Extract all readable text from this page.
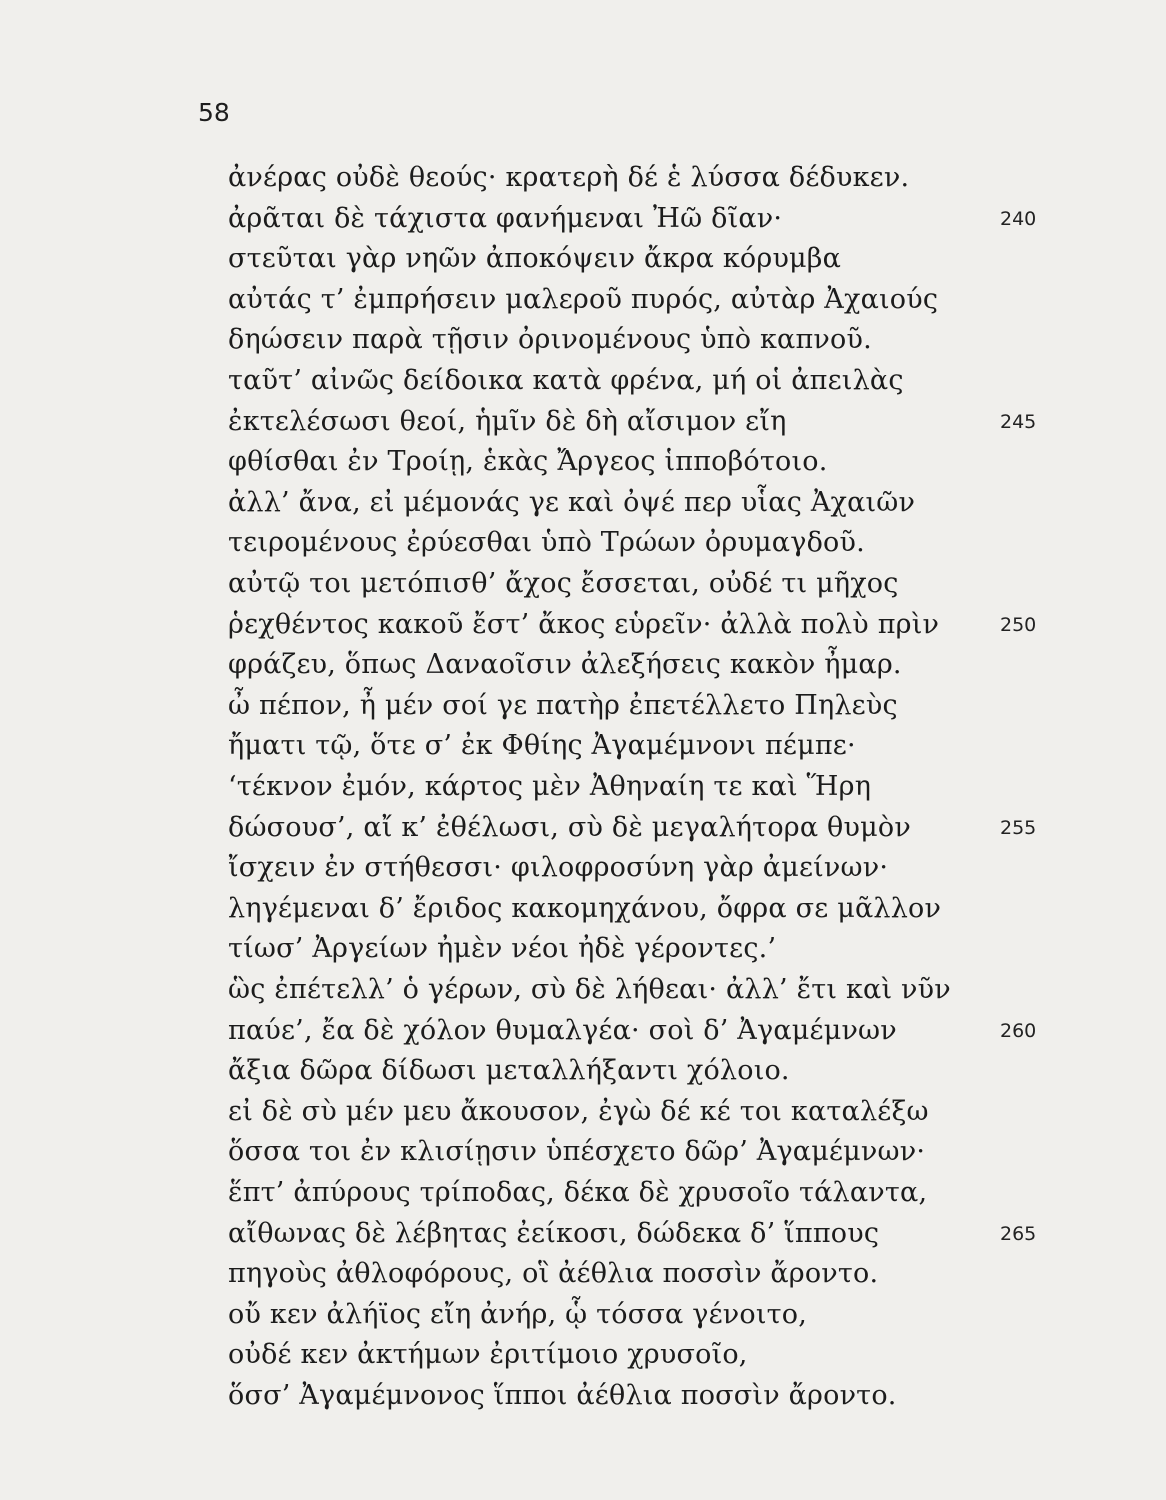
58
ἀνέρας οὐδὲ θεούς· κρατερὴ δέ ἑ λύσσα δέδυκεν.
ἀρᾶται δὲ τάχιστα φανήμεναι Ἠῶ δῖαν·	240
στεῦται γὰρ νηῶν ἀποκόψειν ἄκρα κόρυμβα
αὐτάς τ’ ἐμπρήσειν μαλεροῦ πυρός, αὐτὰρ Ἀχαιούς
δηώσειν παρὰ τῇσιν ὀρινομένους ὑπὸ καπνοῦ.
ταῦτ’ αἰνῶς δείδοικα κατὰ φρένα, μή οἱ ἀπειλὰς
ἐκτελέσωσι θεοί, ἡμῖν δὲ δὴ αἴσιμον εἴη	245
φθίσθαι ἐν Τροίῃ, ἑκὰς Ἄργεος ἱπποβότοιο.
ἀλλ’ ἄνα, εἰ μέμονάς γε καὶ ὀψέ περ υἷας Ἀχαιῶν
τειρομένους ἐρύεσθαι ὑπὸ Τρώων ὀρυμαγδοῦ.
αὐτῷ τοι μετόπισθ’ ἄχος ἔσσεται, οὐδέ τι μῆχος
ῥεχθέντος κακοῦ ἔστ’ ἄκος εὑρεῖν· ἀλλὰ πολὺ πρὶν	250
φράζευ, ὅπως Δαναοῖσιν ἀλεξήσεις κακὸν ἦμαρ.
ὦ πέπον, ἦ μέν σοί γε πατὴρ ἐπετέλλετο Πηλεὺς
ἤματι τῷ, ὅτε σ’ ἐκ Φθίης Ἀγαμέμνονι πέμπε·
‘τέκνον ἐμόν, κάρτος μὲν Ἀθηναίη τε καὶ Ἥρη
δώσουσ’, αἴ κ’ ἐθέλωσι, σὺ δὲ μεγαλήτορα θυμὸν	255
ἴσχειν ἐν στήθεσσι· φιλοφροσύνη γὰρ ἀμείνων·
ληγέμεναι δ’ ἔριδος κακομηχάνου, ὄφρα σε μᾶλλον
τίωσ’ Ἀργείων ἠμὲν νέοι ἠδὲ γέροντες.’
ὣς ἐπέτελλ’ ὁ γέρων, σὺ δὲ λήθεαι· ἀλλ’ ἔτι καὶ νῦν
παύε’, ἔα δὲ χόλον θυμαλγέα· σοὶ δ’ Ἀγαμέμνων	260
ἄξια δῶρα δίδωσι μεταλλήξαντι χόλοιο.
εἰ δὲ σὺ μέν μευ ἄκουσον, ἐγὼ δέ κέ τοι καταλέξω
ὅσσα τοι ἐν κλισίῃσιν ὑπέσχετο δῶρ’ Ἀγαμέμνων·
ἕπτ’ ἀπύρους τρίποδας, δέκα δὲ χρυσοῖο τάλαντα,
αἴθωνας δὲ λέβητας ἐείκοσι, δώδεκα δ’ ἵππους	265
πηγοὺς ἀθλοφόρους, οἳ ἀέθλια ποσσὶν ἄροντο.
οὔ κεν ἀλήϊος εἴη ἀνήρ, ᾧ τόσσα γένοιτο,
οὐδέ κεν ἀκτήμων ἐριτίμοιο χρυσοῖο,
ὅσσ’ Ἀγαμέμνονος ἵπποι ἀέθλια ποσσὶν ἄροντο.
